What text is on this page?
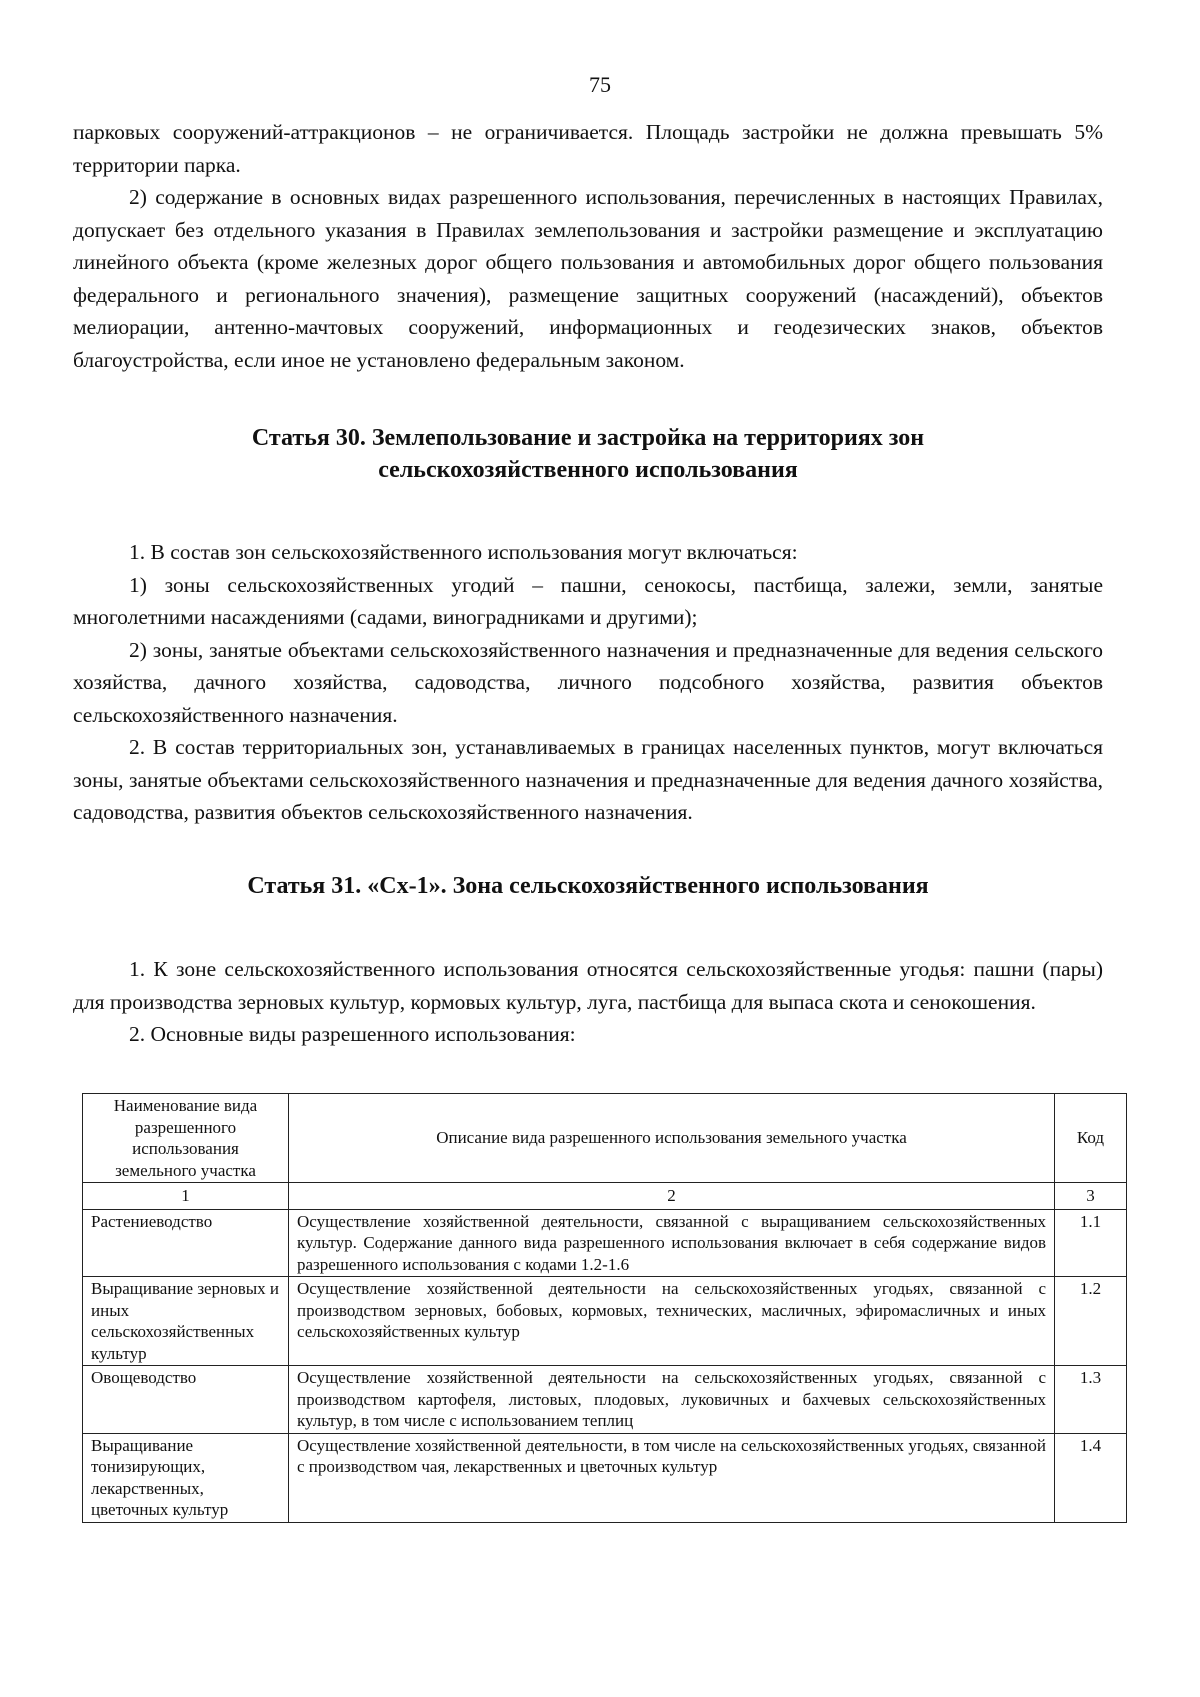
75

парковых сооружений-аттракционов – не ограничивается. Площадь застройки не должна превышать 5% территории парка.

2) содержание в основных видах разрешенного использования, перечисленных в настоящих Правилах, допускает без отдельного указания в Правилах землепользования и застройки размещение и эксплуатацию линейного объекта (кроме железных дорог общего пользования и автомобильных дорог общего пользования федерального и регионального значения), размещение защитных сооружений (насаждений), объектов мелиорации, антенно-мачтовых сооружений, информационных и геодезических знаков, объектов благоустройства, если иное не установлено федеральным законом.

Статья 30. Землепользование и застройка на территориях зон
сельскохозяйственного использования

1. В состав зон сельскохозяйственного использования могут включаться:

1) зоны сельскохозяйственных угодий – пашни, сенокосы, пастбища, залежи, земли, занятые многолетними насаждениями (садами, виноградниками и другими);

2) зоны, занятые объектами сельскохозяйственного назначения и предназначенные для ведения сельского хозяйства, дачного хозяйства, садоводства, личного подсобного хозяйства, развития объектов сельскохозяйственного назначения.

2. В состав территориальных зон, устанавливаемых в границах населенных пунктов, могут включаться зоны, занятые объектами сельскохозяйственного назначения и предназначенные для ведения дачного хозяйства, садоводства, развития объектов сельскохозяйственного назначения.

Статья 31. «Сх-1». Зона сельскохозяйственного использования

1. К зоне сельскохозяйственного использования относятся сельскохозяйственные угодья: пашни (пары) для производства зерновых культур, кормовых культур, луга, пастбища для выпаса скота и сенокошения.

2. Основные виды разрешенного использования:

Наименование вида разрешенного использования земельного участка	Описание вида разрешенного использования земельного участка	Код
1	2	3
Растениеводство	Осуществление хозяйственной деятельности, связанной с выращиванием сельскохозяйственных культур. Содержание данного вида разрешенного использования включает в себя содержание видов разрешенного использования с кодами 1.2-1.6	1.1
Выращивание зерновых и иных сельскохозяйственных культур	Осуществление хозяйственной деятельности на сельскохозяйственных угодьях, связанной с производством зерновых, бобовых, кормовых, технических, масличных, эфиромасличных и иных сельскохозяйственных культур	1.2
Овощеводство	Осуществление хозяйственной деятельности на сельскохозяйственных угодьях, связанной с производством картофеля, листовых, плодовых, луковичных и бахчевых сельскохозяйственных культур, в том числе с использованием теплиц	1.3
Выращивание тонизирующих, лекарственных, цветочных культур	Осуществление хозяйственной деятельности, в том числе на сельскохозяйственных угодьях, связанной с производством чая, лекарственных и цветочных культур	1.4
